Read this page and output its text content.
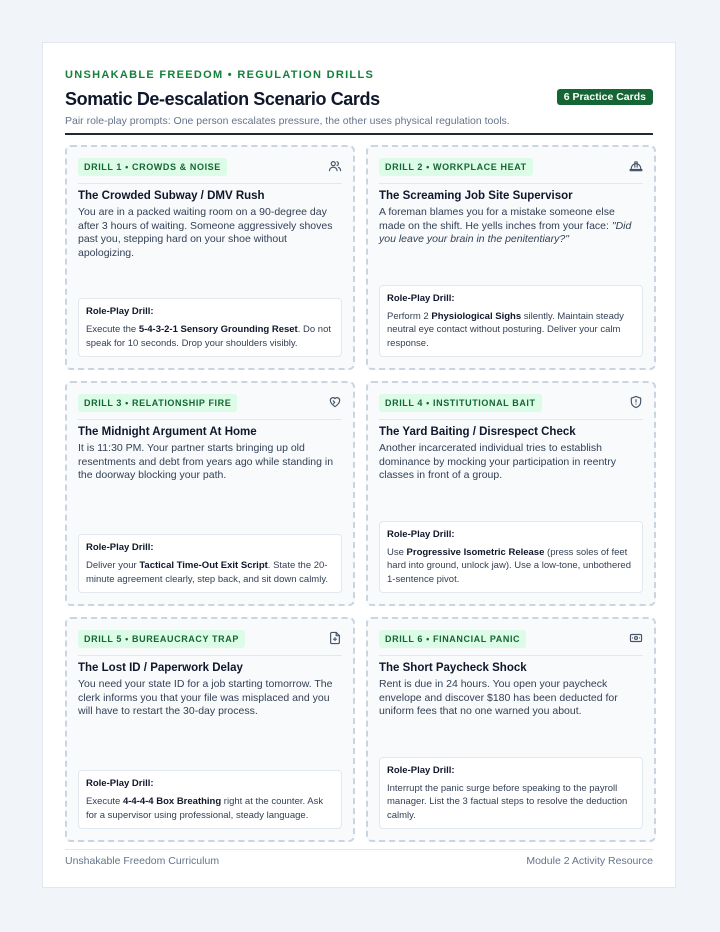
UNSHAKABLE FREEDOM • REGULATION DRILLS
Somatic De-escalation Scenario Cards	6 Practice Cards
Pair role-play prompts: One person escalates pressure, the other uses physical regulation tools.
DRILL 1 • CROWDS & NOISE
The Crowded Subway / DMV Rush
You are in a packed waiting room on a 90-degree day after 3 hours of waiting. Someone aggressively shoves past you, stepping hard on your shoe without apologizing.
Role-Play Drill:
Execute the 5-4-3-2-1 Sensory Grounding Reset. Do not speak for 10 seconds. Drop your shoulders visibly.
DRILL 2 • WORKPLACE HEAT
The Screaming Job Site Supervisor
A foreman blames you for a mistake someone else made on the shift. He yells inches from your face: "Did you leave your brain in the penitentiary?"
Role-Play Drill:
Perform 2 Physiological Sighs silently. Maintain steady neutral eye contact without posturing. Deliver your calm response.
DRILL 3 • RELATIONSHIP FIRE
The Midnight Argument At Home
It is 11:30 PM. Your partner starts bringing up old resentments and debt from years ago while standing in the doorway blocking your path.
Role-Play Drill:
Deliver your Tactical Time-Out Exit Script. State the 20-minute agreement clearly, step back, and sit down calmly.
DRILL 4 • INSTITUTIONAL BAIT
The Yard Baiting / Disrespect Check
Another incarcerated individual tries to establish dominance by mocking your participation in reentry classes in front of a group.
Role-Play Drill:
Use Progressive Isometric Release (press soles of feet hard into ground, unlock jaw). Use a low-tone, unbothered 1-sentence pivot.
DRILL 5 • BUREAUCRACY TRAP
The Lost ID / Paperwork Delay
You need your state ID for a job starting tomorrow. The clerk informs you that your file was misplaced and you will have to restart the 30-day process.
Role-Play Drill:
Execute 4-4-4-4 Box Breathing right at the counter. Ask for a supervisor using professional, steady language.
DRILL 6 • FINANCIAL PANIC
The Short Paycheck Shock
Rent is due in 24 hours. You open your paycheck envelope and discover $180 has been deducted for uniform fees that no one warned you about.
Role-Play Drill:
Interrupt the panic surge before speaking to the payroll manager. List the 3 factual steps to resolve the deduction calmly.
Unshakable Freedom Curriculum	Module 2 Activity Resource
